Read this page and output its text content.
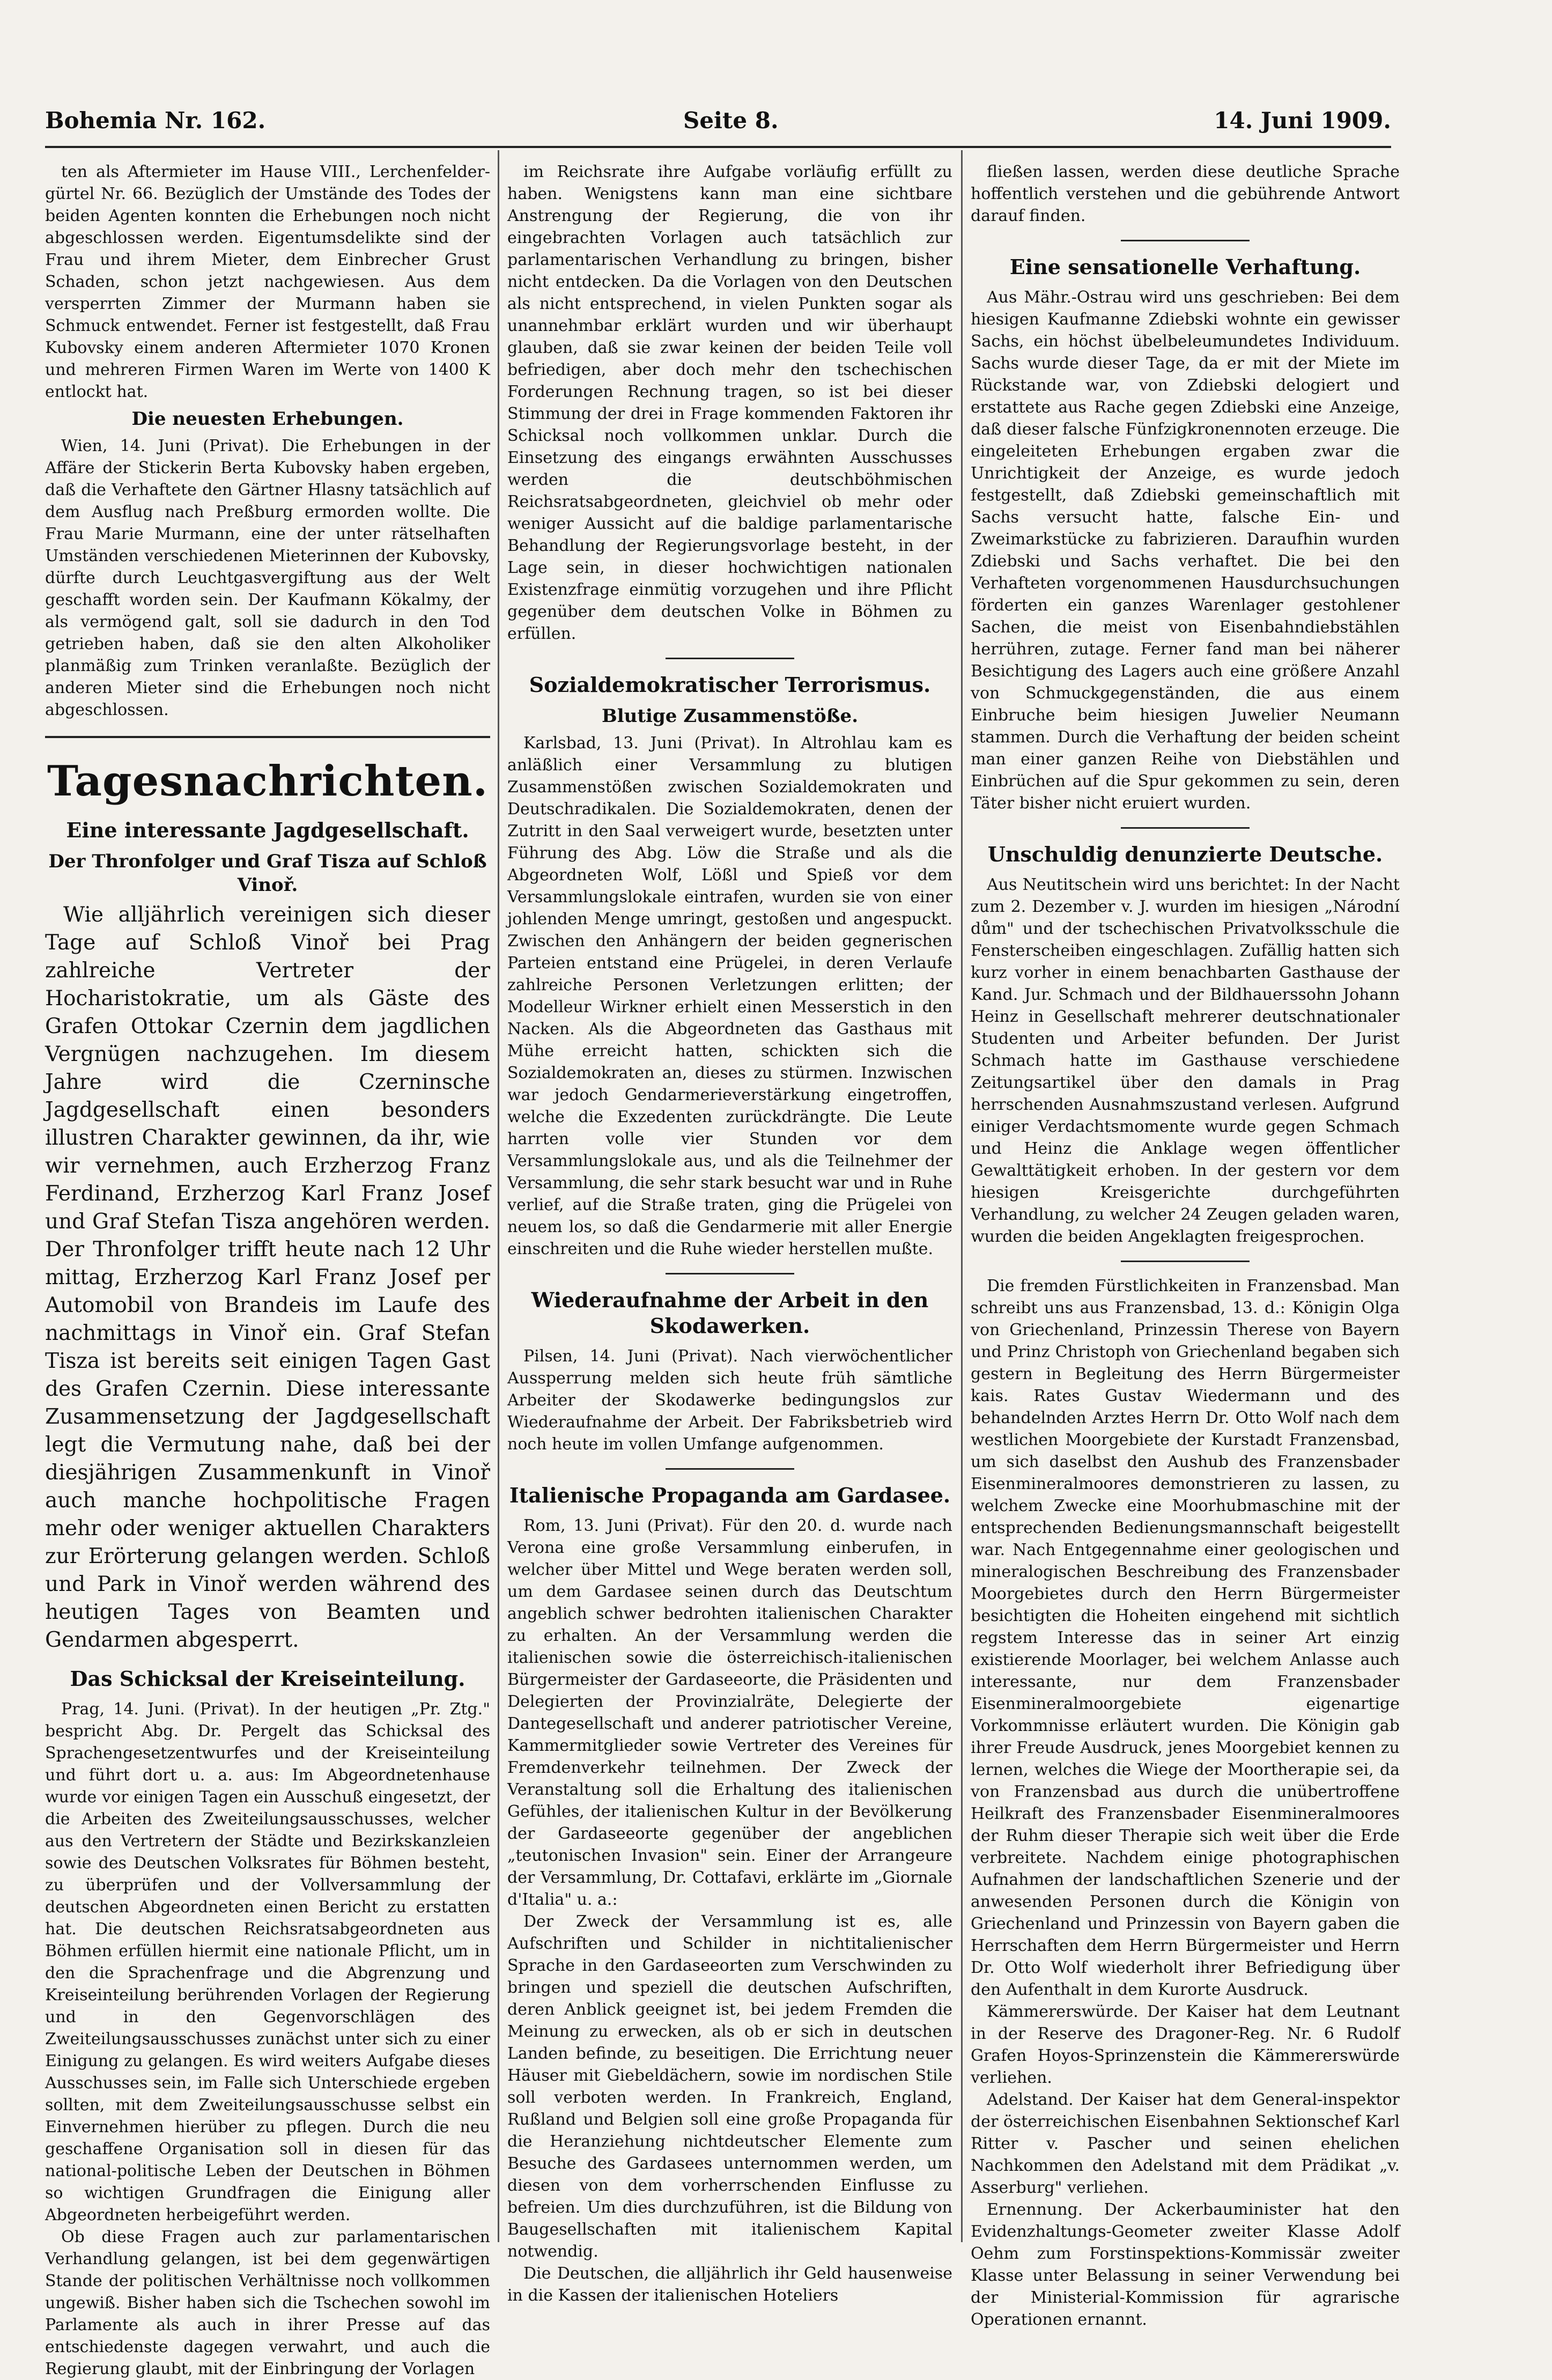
Bohemia Nr. 162.	Seite 8.	14. Juni 1909.

ten als Aftermieter im Hause VIII., Lerchenfelder-gürtel Nr. 66. Bezüglich der Umstände des Todes der beiden Agenten konnten die Erhebungen noch nicht abgeschlossen werden. Eigentumsdelikte sind der Frau und ihrem Mieter, dem Einbrecher Grust Schaden, schon jetzt nachgewiesen. Aus dem versperrten Zimmer der Murmann haben sie Schmuck entwendet. Ferner ist festgestellt, daß Frau Kubovsky einem anderen Aftermieter 1070 Kronen und mehreren Firmen Waren im Werte von 1400 K entlockt hat.

Die neuesten Erhebungen.

Wien, 14. Juni (Privat). Die Erhebungen in der Affäre der Stickerin Berta Kubovsky haben ergeben, daß die Verhaftete den Gärtner Hlasny tatsächlich auf dem Ausflug nach Preßburg ermorden wollte. Die Frau Marie Murmann, eine der unter rätselhaften Umständen verschiedenen Mieterinnen der Kubovsky, dürfte durch Leuchtgasvergiftung aus der Welt geschafft worden sein. Der Kaufmann Kökalmy, der als vermögend galt, soll sie dadurch in den Tod getrieben haben, daß sie den alten Alkoholiker planmäßig zum Trinken veranlaßte. Bezüglich der anderen Mieter sind die Erhebungen noch nicht abgeschlossen.

Tagesnachrichten.
Eine interessante Jagdgesellschaft.
Der Thronfolger und Graf Tisza auf Schloß Vinoř.

Wie alljährlich vereinigen sich dieser Tage auf Schloß Vinoř bei Prag zahlreiche Vertreter der Hocharistokratie, um als Gäste des Grafen Ottokar Czernin dem jagdlichen Vergnügen nachzugehen. Im diesem Jahre wird die Czerninsche Jagdgesellschaft einen besonders illustren Charakter gewinnen, da ihr, wie wir vernehmen, auch Erzherzog Franz Ferdinand, Erzherzog Karl Franz Josef und Graf Stefan Tisza angehören werden. Der Thronfolger trifft heute nach 12 Uhr mittag, Erzherzog Karl Franz Josef per Automobil von Brandeis im Laufe des nachmittags in Vinoř ein. Graf Stefan Tisza ist bereits seit einigen Tagen Gast des Grafen Czernin. Diese interessante Zusammensetzung der Jagdgesellschaft legt die Vermutung nahe, daß bei der diesjährigen Zusammenkunft in Vinoř auch manche hochpolitische Fragen mehr oder weniger aktuellen Charakters zur Erörterung gelangen werden. Schloß und Park in Vinoř werden während des heutigen Tages von Beamten und Gendarmen abgesperrt.

Das Schicksal der Kreiseinteilung.

Prag, 14. Juni. (Privat). In der heutigen „Pr. Ztg." bespricht Abg. Dr. Pergelt das Schicksal des Sprachengesetzentwurfes und der Kreiseinteilung und führt dort u. a. aus: Im Abgeordnetenhause wurde vor einigen Tagen ein Ausschuß eingesetzt, der die Arbeiten des Zweiteilungsausschusses, welcher aus den Vertretern der Städte und Bezirkskanzleien sowie des Deutschen Volksrates für Böhmen besteht, zu überprüfen und der Vollversammlung der deutschen Abgeordneten einen Bericht zu erstatten hat. Die deutschen Reichsratsabgeordneten aus Böhmen erfüllen hiermit eine nationale Pflicht, um in den die Sprachenfrage und die Abgrenzung und Kreiseinteilung berührenden Vorlagen der Regierung und in den Gegenvorschlägen des Zweiteilungsausschusses zunächst unter sich zu einer Einigung zu gelangen. Es wird weiters Aufgabe dieses Ausschusses sein, im Falle sich Unterschiede ergeben sollten, mit dem Zweiteilungsausschusse selbst ein Einvernehmen hierüber zu pflegen. Durch die neu geschaffene Organisation soll in diesen für das national-politische Leben der Deutschen in Böhmen so wichtigen Grundfragen die Einigung aller Abgeordneten herbeigeführt werden.

Ob diese Fragen auch zur parlamentarischen Verhandlung gelangen, ist bei dem gegenwärtigen Stande der politischen Verhältnisse noch vollkommen ungewiß. Bisher haben sich die Tschechen sowohl im Parlamente als auch in ihrer Presse auf das entschiedenste dagegen verwahrt, und auch die Regierung glaubt, mit der Einbringung der Vorlagen

im Reichsrate ihre Aufgabe vorläufig erfüllt zu haben. Wenigstens kann man eine sichtbare Anstrengung der Regierung, die von ihr eingebrachten Vorlagen auch tatsächlich zur parlamentarischen Verhandlung zu bringen, bisher nicht entdecken. Da die Vorlagen von den Deutschen als nicht entsprechend, in vielen Punkten sogar als unannehmbar erklärt wurden und wir überhaupt glauben, daß sie zwar keinen der beiden Teile voll befriedigen, aber doch mehr den tschechischen Forderungen Rechnung tragen, so ist bei dieser Stimmung der drei in Frage kommenden Faktoren ihr Schicksal noch vollkommen unklar. Durch die Einsetzung des eingangs erwähnten Ausschusses werden die deutschböhmischen Reichsratsabgeordneten, gleichviel ob mehr oder weniger Aussicht auf die baldige parlamentarische Behandlung der Regierungsvorlage besteht, in der Lage sein, in dieser hochwichtigen nationalen Existenzfrage einmütig vorzugehen und ihre Pflicht gegenüber dem deutschen Volke in Böhmen zu erfüllen.

Sozialdemokratischer Terrorismus.
Blutige Zusammenstöße.

Karlsbad, 13. Juni (Privat). In Altrohlau kam es anläßlich einer Versammlung zu blutigen Zusammenstößen zwischen Sozialdemokraten und Deutschradikalen. Die Sozialdemokraten, denen der Zutritt in den Saal verweigert wurde, besetzten unter Führung des Abg. Löw die Straße und als die Abgeordneten Wolf, Lößl und Spieß vor dem Versammlungslokale eintrafen, wurden sie von einer johlenden Menge umringt, gestoßen und angespuckt. Zwischen den Anhängern der beiden gegnerischen Parteien entstand eine Prügelei, in deren Verlaufe zahlreiche Personen Verletzungen erlitten; der Modelleur Wirkner erhielt einen Messerstich in den Nacken. Als die Abgeordneten das Gasthaus mit Mühe erreicht hatten, schickten sich die Sozialdemokraten an, dieses zu stürmen. Inzwischen war jedoch Gendarmerieverstärkung eingetroffen, welche die Exzedenten zurückdrängte. Die Leute harrten volle vier Stunden vor dem Versammlungslokale aus, und als die Teilnehmer der Versammlung, die sehr stark besucht war und in Ruhe verlief, auf die Straße traten, ging die Prügelei von neuem los, so daß die Gendarmerie mit aller Energie einschreiten und die Ruhe wieder herstellen mußte.

Wiederaufnahme der Arbeit in den Skodawerken.

Pilsen, 14. Juni (Privat). Nach vierwöchentlicher Aussperrung melden sich heute früh sämtliche Arbeiter der Skodawerke bedingungslos zur Wiederaufnahme der Arbeit. Der Fabriksbetrieb wird noch heute im vollen Umfange aufgenommen.

Italienische Propaganda am Gardasee.

Rom, 13. Juni (Privat). Für den 20. d. wurde nach Verona eine große Versammlung einberufen, in welcher über Mittel und Wege beraten werden soll, um dem Gardasee seinen durch das Deutschtum angeblich schwer bedrohten italienischen Charakter zu erhalten. An der Versammlung werden die italienischen sowie die österreichisch-italienischen Bürgermeister der Gardaseeorte, die Präsidenten und Delegierten der Provinzialräte, Delegierte der Dantegesellschaft und anderer patriotischer Vereine, Kammermitglieder sowie Vertreter des Vereines für Fremdenverkehr teilnehmen. Der Zweck der Veranstaltung soll die Erhaltung des italienischen Gefühles, der italienischen Kultur in der Bevölkerung der Gardaseeorte gegenüber der angeblichen „teutonischen Invasion" sein. Einer der Arrangeure der Versammlung, Dr. Cottafavi, erklärte im „Giornale d'Italia" u. a.:

Der Zweck der Versammlung ist es, alle Aufschriften und Schilder in nichtitalienischer Sprache in den Gardaseeorten zum Verschwinden zu bringen und speziell die deutschen Aufschriften, deren Anblick geeignet ist, bei jedem Fremden die Meinung zu erwecken, als ob er sich in deutschen Landen befinde, zu beseitigen. Die Errichtung neuer Häuser mit Giebeldächern, sowie im nordischen Stile soll verboten werden. In Frankreich, England, Rußland und Belgien soll eine große Propaganda für die Heranziehung nichtdeutscher Elemente zum Besuche des Gardasees unternommen werden, um diesen von dem vorherrschenden Einflusse zu befreien. Um dies durchzuführen, ist die Bildung von Baugesellschaften mit italienischem Kapital notwendig.

Die Deutschen, die alljährlich ihr Geld hausenweise in die Kassen der italienischen Hoteliers

fließen lassen, werden diese deutliche Sprache hoffentlich verstehen und die gebührende Antwort darauf finden.

Eine sensationelle Verhaftung.

Aus Mähr.-Ostrau wird uns geschrieben: Bei dem hiesigen Kaufmanne Zdiebski wohnte ein gewisser Sachs, ein höchst übelbeleumundetes Individuum. Sachs wurde dieser Tage, da er mit der Miete im Rückstande war, von Zdiebski delogiert und erstattete aus Rache gegen Zdiebski eine Anzeige, daß dieser falsche Fünfzigkronennoten erzeuge. Die eingeleiteten Erhebungen ergaben zwar die Unrichtigkeit der Anzeige, es wurde jedoch festgestellt, daß Zdiebski gemeinschaftlich mit Sachs versucht hatte, falsche Ein- und Zweimarkstücke zu fabrizieren. Daraufhin wurden Zdiebski und Sachs verhaftet. Die bei den Verhafteten vorgenommenen Hausdurchsuchungen förderten ein ganzes Warenlager gestohlener Sachen, die meist von Eisenbahndiebstählen herrühren, zutage. Ferner fand man bei näherer Besichtigung des Lagers auch eine größere Anzahl von Schmuckgegenständen, die aus einem Einbruche beim hiesigen Juwelier Neumann stammen. Durch die Verhaftung der beiden scheint man einer ganzen Reihe von Diebstählen und Einbrüchen auf die Spur gekommen zu sein, deren Täter bisher nicht eruiert wurden.

Unschuldig denunzierte Deutsche.

Aus Neutitschein wird uns berichtet: In der Nacht zum 2. Dezember v. J. wurden im hiesigen „Národní dům" und der tschechischen Privatvolksschule die Fensterscheiben eingeschlagen. Zufällig hatten sich kurz vorher in einem benachbarten Gasthause der Kand. Jur. Schmach und der Bildhauerssohn Johann Heinz in Gesellschaft mehrerer deutschnationaler Studenten und Arbeiter befunden. Der Jurist Schmach hatte im Gasthause verschiedene Zeitungsartikel über den damals in Prag herrschenden Ausnahmszustand verlesen. Aufgrund einiger Verdachtsmomente wurde gegen Schmach und Heinz die Anklage wegen öffentlicher Gewalttätigkeit erhoben. In der gestern vor dem hiesigen Kreisgerichte durchgeführten Verhandlung, zu welcher 24 Zeugen geladen waren, wurden die beiden Angeklagten freigesprochen.

Die fremden Fürstlichkeiten in Franzensbad. Man schreibt uns aus Franzensbad, 13. d.: Königin Olga von Griechenland, Prinzessin Therese von Bayern und Prinz Christoph von Griechenland begaben sich gestern in Begleitung des Herrn Bürgermeister kais. Rates Gustav Wiedermann und des behandelnden Arztes Herrn Dr. Otto Wolf nach dem westlichen Moorgebiete der Kurstadt Franzensbad, um sich daselbst den Aushub des Franzensbader Eisenmineralmoores demonstrieren zu lassen, zu welchem Zwecke eine Moorhubmaschine mit der entsprechenden Bedienungsmannschaft beigestellt war. Nach Entgegennahme einer geologischen und mineralogischen Beschreibung des Franzensbader Moorgebietes durch den Herrn Bürgermeister besichtigten die Hoheiten eingehend mit sichtlich regstem Interesse das in seiner Art einzig existierende Moorlager, bei welchem Anlasse auch interessante, nur dem Franzensbader Eisenmineralmoorgebiete eigenartige Vorkommnisse erläutert wurden. Die Königin gab ihrer Freude Ausdruck, jenes Moorgebiet kennen zu lernen, welches die Wiege der Moortherapie sei, da von Franzensbad aus durch die unübertroffene Heilkraft des Franzensbader Eisenmineralmoores der Ruhm dieser Therapie sich weit über die Erde verbreitete. Nachdem einige photographischen Aufnahmen der landschaftlichen Szenerie und der anwesenden Personen durch die Königin von Griechenland und Prinzessin von Bayern gaben die Herrschaften dem Herrn Bürgermeister und Herrn Dr. Otto Wolf wiederholt ihrer Befriedigung über den Aufenthalt in dem Kurorte Ausdruck.

Kämmererswürde. Der Kaiser hat dem Leutnant in der Reserve des Dragoner-Reg. Nr. 6 Rudolf Grafen Hoyos-Sprinzenstein die Kämmererswürde verliehen.

Adelstand. Der Kaiser hat dem General-inspektor der österreichischen Eisenbahnen Sektionschef Karl Ritter v. Pascher und seinen ehelichen Nachkommen den Adelstand mit dem Prädikat „v. Asserburg" verliehen.

Ernennung. Der Ackerbauminister hat den Evidenzhaltungs-Geometer zweiter Klasse Adolf Oehm zum Forstinspektions-Kommissär zweiter Klasse unter Belassung in seiner Verwendung bei der Ministerial-Kommission für agrarische Operationen ernannt.
